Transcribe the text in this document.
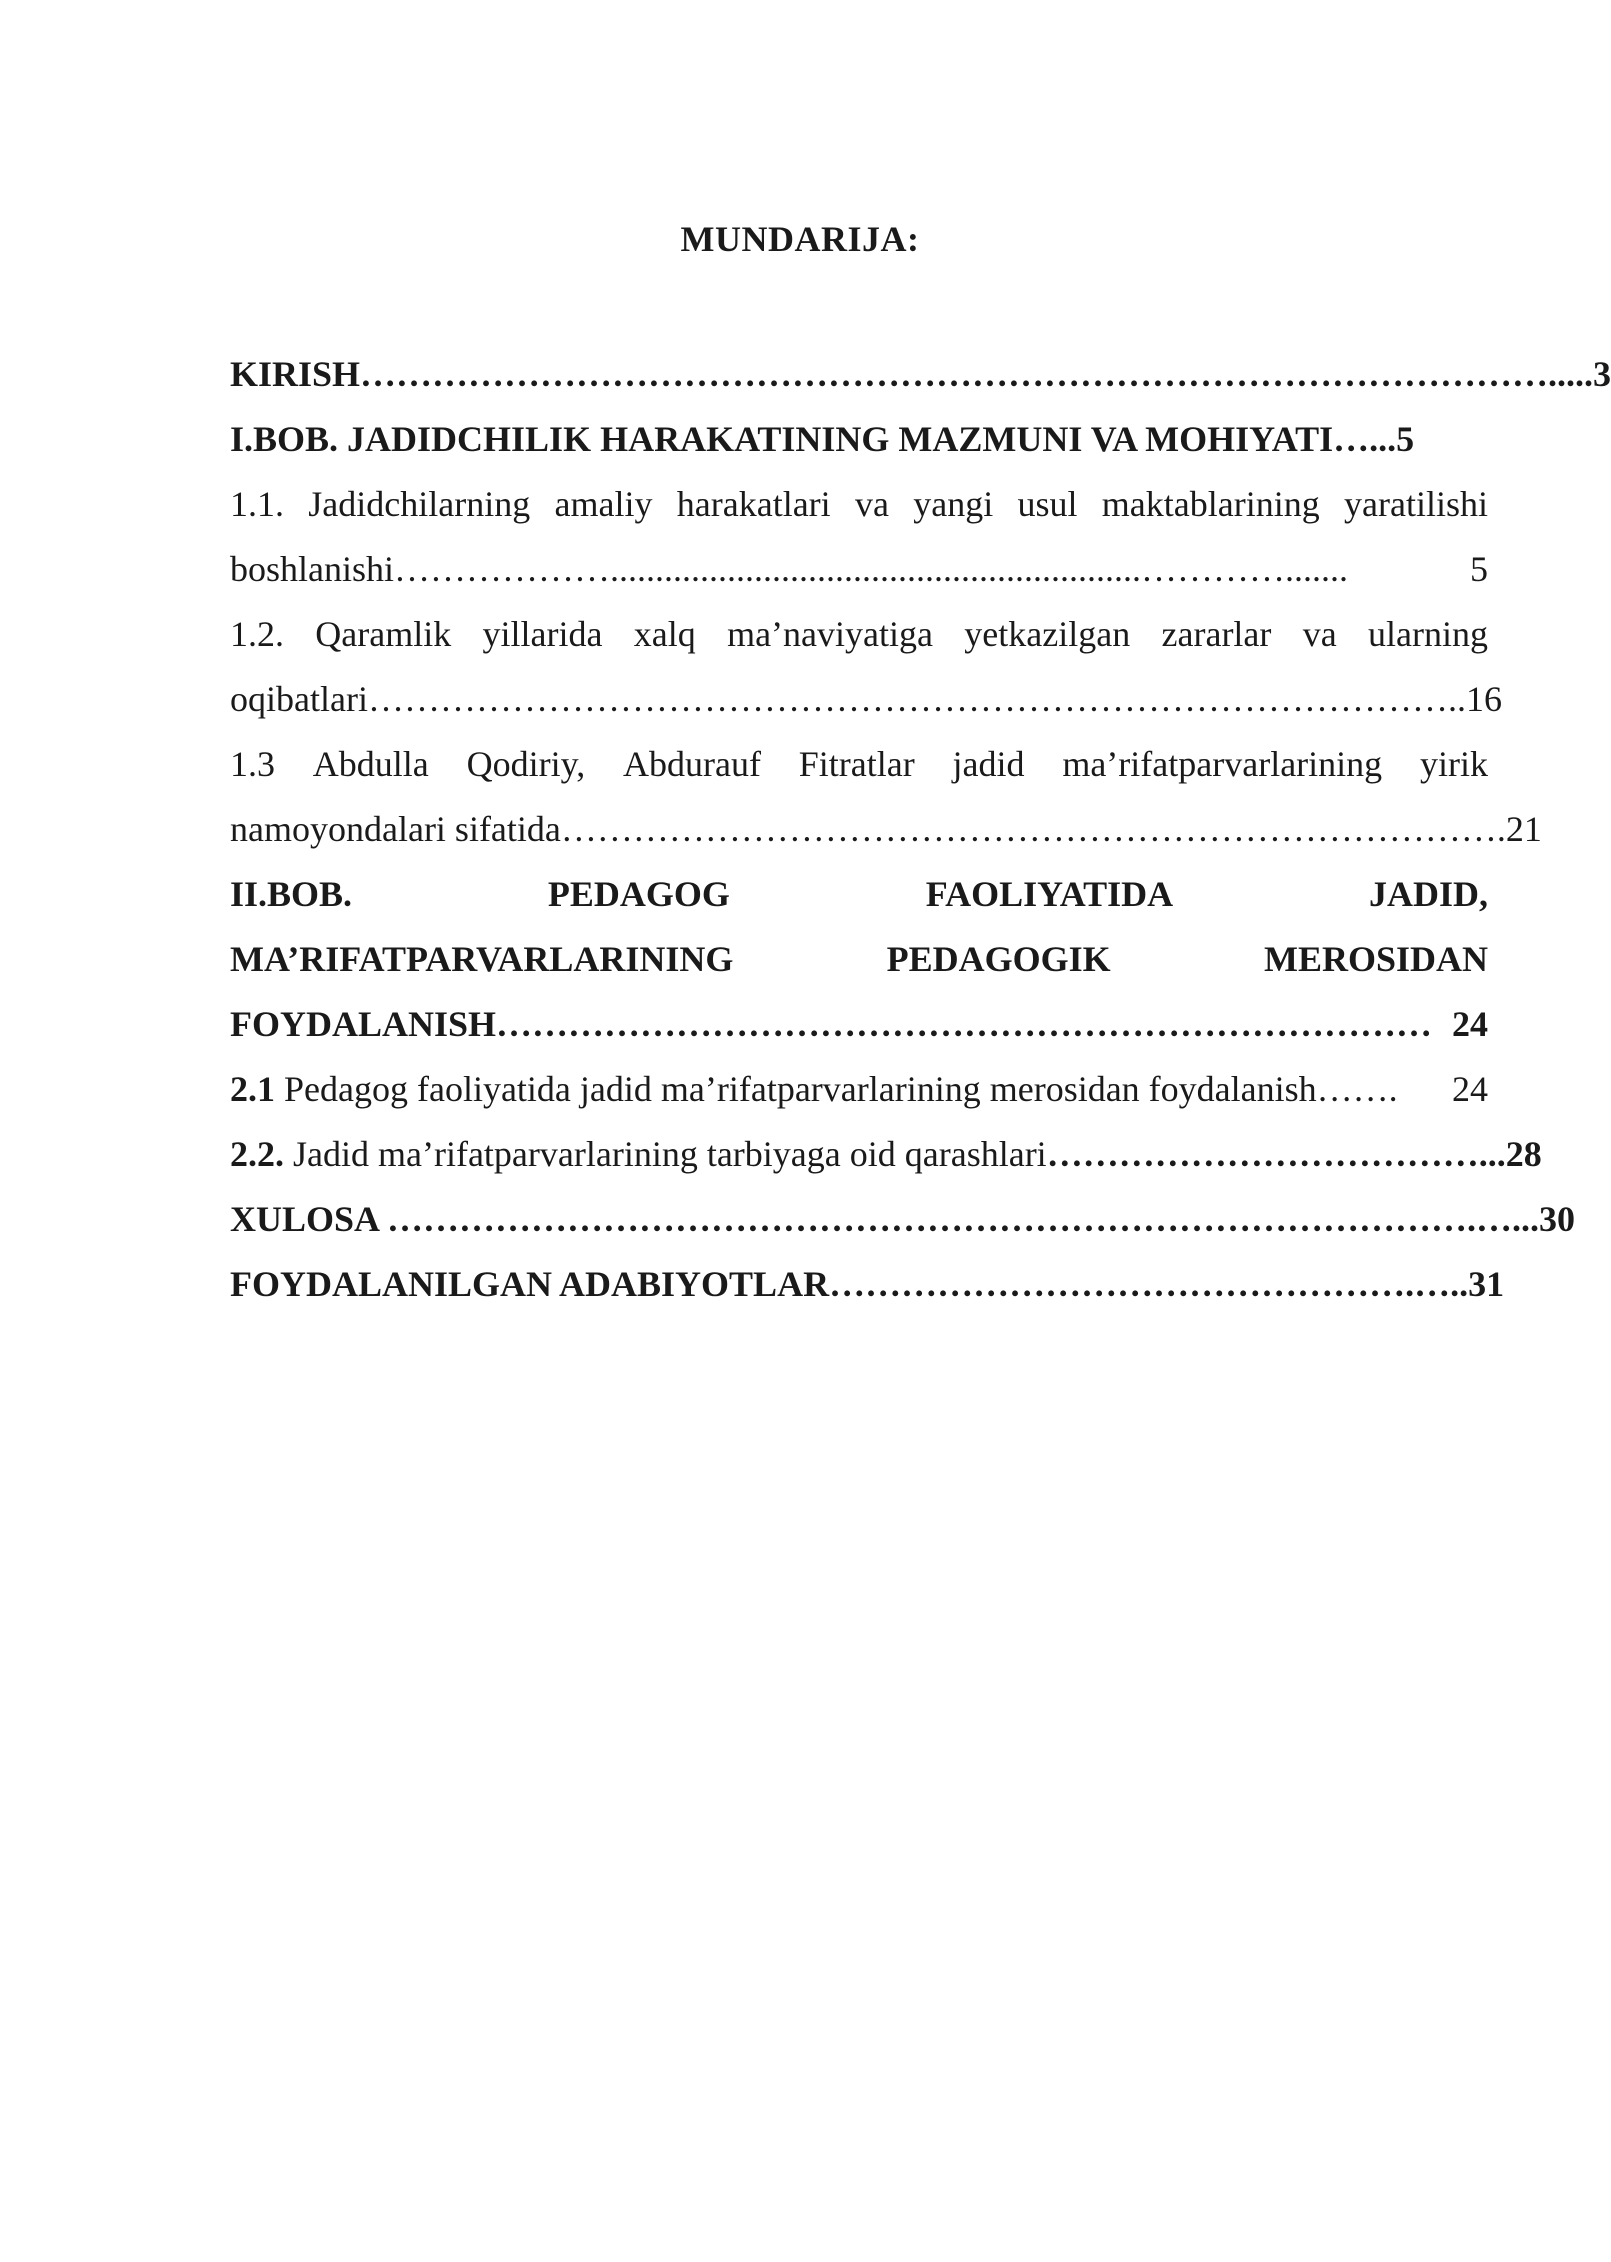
MUNDARIJA:
KIRISH ……………………………………………………………………………………… .....3
I.BOB. JADIDCHILIK HARAKATINING MAZMUNI VA MOHIYATI … ...5
1.1. Jadidchilarning amaliy harakatlari va yangi usul maktablarining yaratilishi
boshlanishi ………………...........................................................………….......	5
1.2. Qaramlik yillarida xalq ma’naviyatiga yetkazilgan zararlar va ularning
oqibatlari ……………………………………………………………………………….. 16
1.3 Abdulla Qodiriy, Abdurauf Fitratlar jadid ma’rifatparvarlarining yirik
namoyondalari sifatida ……………………………………………………………………. 21
II.BOB.	PEDAGOG	FAOLIYATIDA	JADID,
MA’RIFATPARVARLARINING	PEDAGOGIK	MEROSIDAN
FOYDALANISH …………………………………………………………………… 24
2.1 Pedagog faoliyatida jadid ma’rifatparvarlarining merosidan foydalanish …….	24
2.2. Jadid ma’rifatparvarlarining tarbiyaga oid qarashlari ……………………………… ...28
XULOSA ……………………………………………………………………………….…. ..30
FOYDALANILGAN ADABIYOTLAR ………………………………………….….. 31
